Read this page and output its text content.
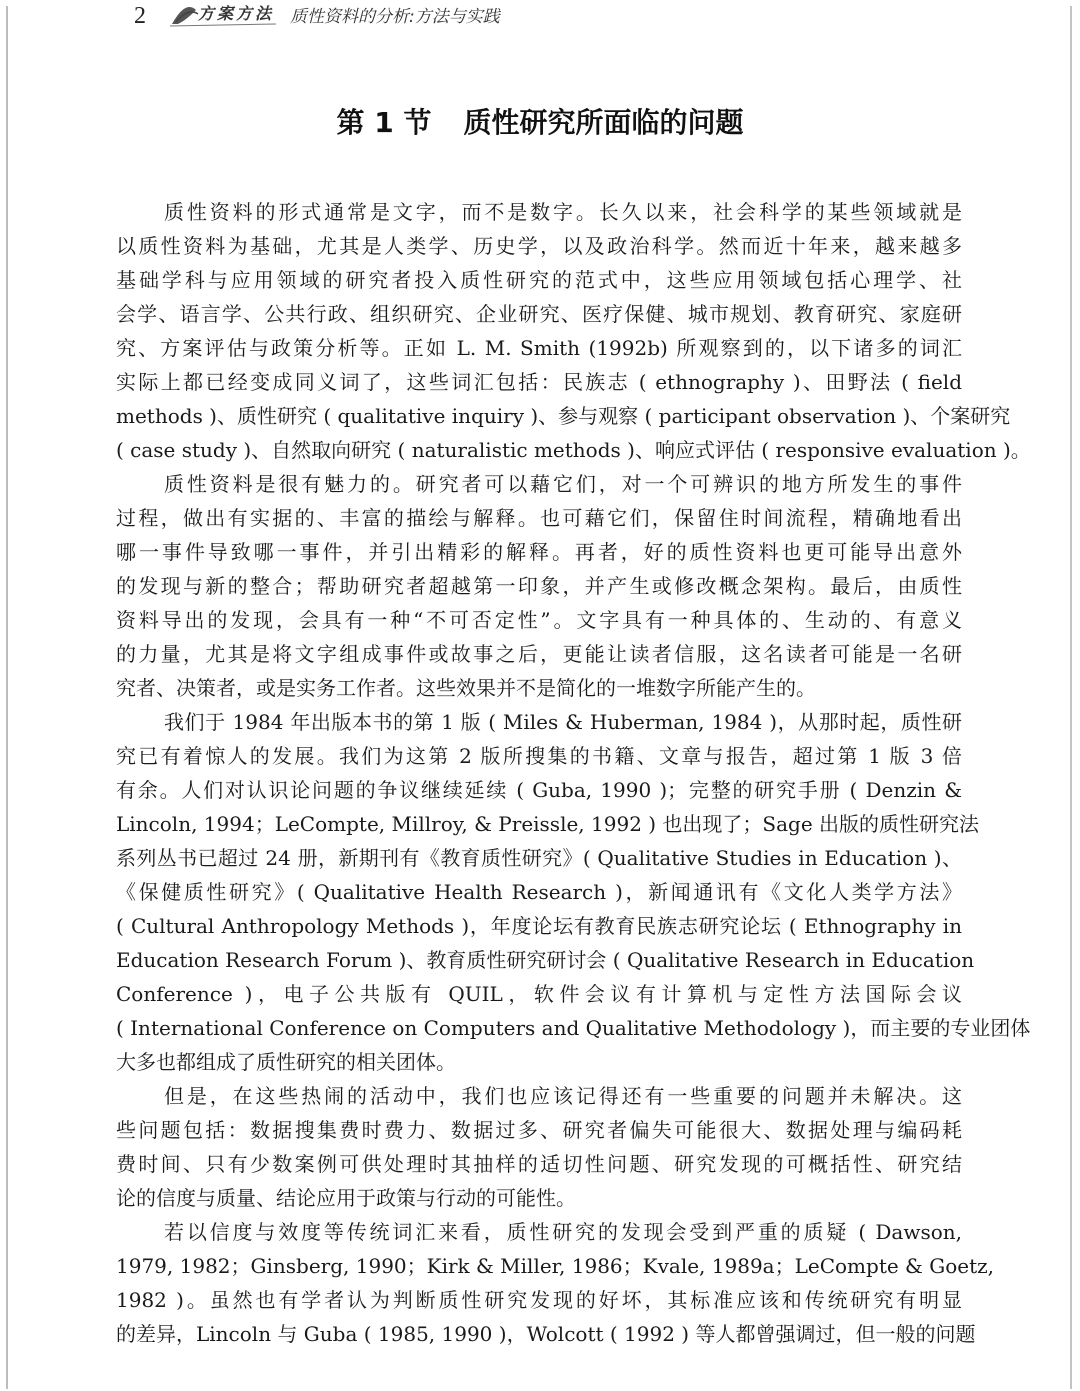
2	方案方法 质性资料的分析:方法与实践
第 1 节 质性研究所面临的问题
质性资料的形式通常是文字，而不是数字。长久以来，社会科学的某些领域就是
以质性资料为基础，尤其是人类学、历史学，以及政治科学。然而近十年来，越来越多
基础学科与应用领域的研究者投入质性研究的范式中，这些应用领域包括心理学、社
会学、语言学、公共行政、组织研究、企业研究、医疗保健、城市规划、教育研究、家庭研
究、方案评估与政策分析等。正如 L. M. Smith (1992b) 所观察到的，以下诸多的词汇
实际上都已经变成同义词了，这些词汇包括：民族志 ( ethnography )、田野法 ( field
methods )、质性研究 ( qualitative inquiry )、参与观察 ( participant observation )、个案研究
( case study )、自然取向研究 ( naturalistic methods )、响应式评估 ( responsive evaluation )。
质性资料是很有魅力的。研究者可以藉它们，对一个可辨识的地方所发生的事件
过程，做出有实据的、丰富的描绘与解释。也可藉它们，保留住时间流程，精确地看出
哪一事件导致哪一事件，并引出精彩的解释。再者，好的质性资料也更可能导出意外
的发现与新的整合；帮助研究者超越第一印象，并产生或修改概念架构。最后，由质性
资料导出的发现，会具有一种“不可否定性”。文字具有一种具体的、生动的、有意义
的力量，尤其是将文字组成事件或故事之后，更能让读者信服，这名读者可能是一名研
究者、决策者，或是实务工作者。这些效果并不是简化的一堆数字所能产生的。
我们于 1984 年出版本书的第 1 版 ( Miles & Huberman, 1984 )，从那时起，质性研
究已有着惊人的发展。我们为这第 2 版所搜集的书籍、文章与报告，超过第 1 版 3 倍
有余。人们对认识论问题的争议继续延续 ( Guba, 1990 )；完整的研究手册 ( Denzin &
Lincoln, 1994；LeCompte, Millroy, & Preissle, 1992 ) 也出现了；Sage 出版的质性研究法
系列丛书已超过 24 册，新期刊有《教育质性研究》( Qualitative Studies in Education )、
《保健质性研究》( Qualitative Health Research )，新闻通讯有《文化人类学方法》
( Cultural Anthropology Methods )，年度论坛有教育民族志研究论坛 ( Ethnography in
Education Research Forum )、教育质性研究研讨会 ( Qualitative Research in Education
Conference )，电子公共版有 QUIL，软件会议有计算机与定性方法国际会议
( International Conference on Computers and Qualitative Methodology )，而主要的专业团体
大多也都组成了质性研究的相关团体。
但是，在这些热闹的活动中，我们也应该记得还有一些重要的问题并未解决。这
些问题包括：数据搜集费时费力、数据过多、研究者偏失可能很大、数据处理与编码耗
费时间、只有少数案例可供处理时其抽样的适切性问题、研究发现的可概括性、研究结
论的信度与质量、结论应用于政策与行动的可能性。
若以信度与效度等传统词汇来看，质性研究的发现会受到严重的质疑 ( Dawson,
1979, 1982；Ginsberg, 1990；Kirk & Miller, 1986；Kvale, 1989a；LeCompte & Goetz,
1982 )。虽然也有学者认为判断质性研究发现的好坏，其标准应该和传统研究有明显
的差异，Lincoln 与 Guba ( 1985, 1990 )，Wolcott ( 1992 ) 等人都曾强调过，但一般的问题
